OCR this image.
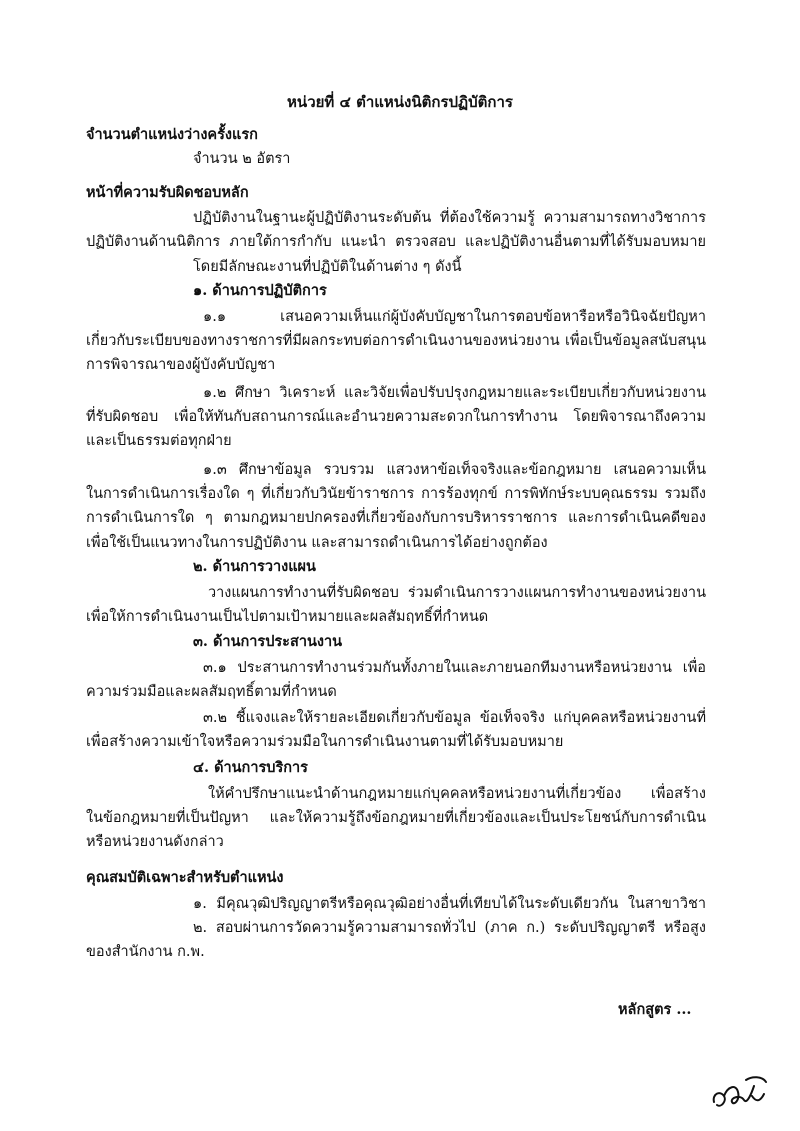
หน่วยที่ ๔ ตำแหน่งนิติกรปฏิบัติการ
จำนวนตำแหน่งว่างครั้งแรก
จำนวน ๒ อัตรา
หน้าที่ความรับผิดชอบหลัก
ปฏิบัติงานในฐานะผู้ปฏิบัติงานระดับต้น ที่ต้องใช้ความรู้ ความสามารถทางวิชาการ
ปฏิบัติงานด้านนิติการ ภายใต้การกำกับ แนะนำ ตรวจสอบ และปฏิบัติงานอื่นตามที่ได้รับมอบหมาย
โดยมีลักษณะงานที่ปฏิบัติในด้านต่าง ๆ ดังนี้
๑. ด้านการปฏิบัติการ
๑.๑ เสนอความเห็นแก่ผู้บังคับบัญชาในการตอบข้อหารือหรือวินิจฉัยปัญหา
เกี่ยวกับระเบียบของทางราชการที่มีผลกระทบต่อการดำเนินงานของหน่วยงาน เพื่อเป็นข้อมูลสนับสนุน
การพิจารณาของผู้บังคับบัญชา
๑.๒ ศึกษา วิเคราะห์ และวิจัยเพื่อปรับปรุงกฎหมายและระเบียบเกี่ยวกับหน่วยงาน
ที่รับผิดชอบ เพื่อให้ทันกับสถานการณ์และอำนวยความสะดวกในการทำงาน โดยพิจารณาถึงความ
และเป็นธรรมต่อทุกฝ่าย
๑.๓ ศึกษาข้อมูล รวบรวม แสวงหาข้อเท็จจริงและข้อกฎหมาย เสนอความเห็น
ในการดำเนินการเรื่องใด ๆ ที่เกี่ยวกับวินัยข้าราชการ การร้องทุกข์ การพิทักษ์ระบบคุณธรรม รวมถึง
การดำเนินการใด ๆ ตามกฎหมายปกครองที่เกี่ยวข้องกับการบริหารราชการ และการดำเนินคดีของ
เพื่อใช้เป็นแนวทางในการปฏิบัติงาน และสามารถดำเนินการได้อย่างถูกต้อง
๒. ด้านการวางแผน
วางแผนการทำงานที่รับผิดชอบ ร่วมดำเนินการวางแผนการทำงานของหน่วยงาน
เพื่อให้การดำเนินงานเป็นไปตามเป้าหมายและผลสัมฤทธิ์ที่กำหนด
๓. ด้านการประสานงาน
๓.๑ ประสานการทำงานร่วมกันทั้งภายในและภายนอกทีมงานหรือหน่วยงาน เพื่อ
ความร่วมมือและผลสัมฤทธิ์ตามที่กำหนด
๓.๒ ชี้แจงและให้รายละเอียดเกี่ยวกับข้อมูล ข้อเท็จจริง แก่บุคคลหรือหน่วยงานที่
เพื่อสร้างความเข้าใจหรือความร่วมมือในการดำเนินงานตามที่ได้รับมอบหมาย
๔. ด้านการบริการ
ให้คำปรึกษาแนะนำด้านกฎหมายแก่บุคคลหรือหน่วยงานที่เกี่ยวข้อง เพื่อสร้าง
ในข้อกฎหมายที่เป็นปัญหา และให้ความรู้ถึงข้อกฎหมายที่เกี่ยวข้องและเป็นประโยชน์กับการดำเนิน
หรือหน่วยงานดังกล่าว
คุณสมบัติเฉพาะสำหรับตำแหน่ง
๑. มีคุณวุฒิปริญญาตรีหรือคุณวุฒิอย่างอื่นที่เทียบได้ในระดับเดียวกัน ในสาขาวิชา
๒. สอบผ่านการวัดความรู้ความสามารถทั่วไป (ภาค ก.) ระดับปริญญาตรี หรือสูง
ของสำนักงาน ก.พ.
หลักสูตร ...
